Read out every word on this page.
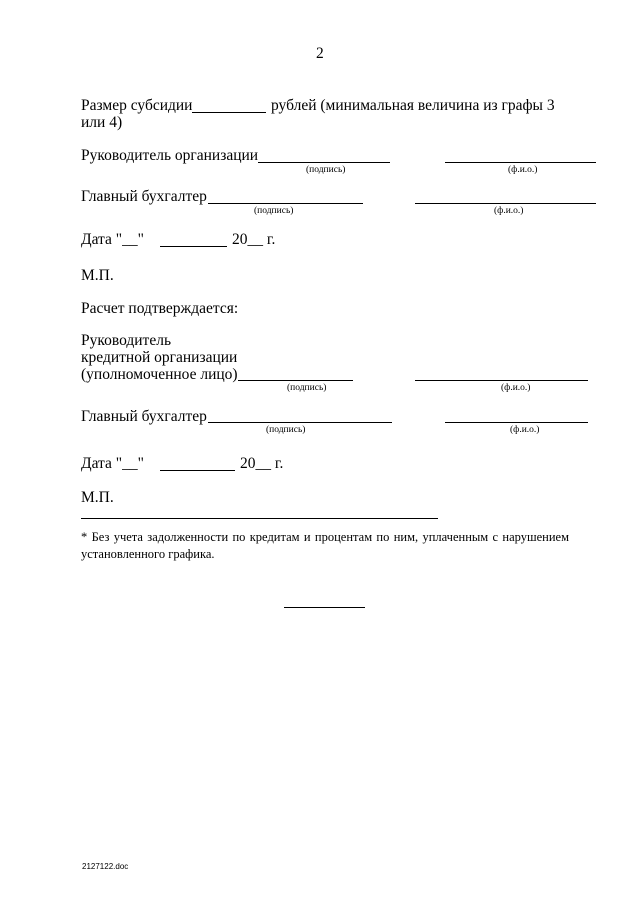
2
Размер субсидии	рублей (минимальная величина из графы 3
или 4)
Руководитель организации
(подпись)	(ф.и.о.)
Главный бухгалтер
(подпись)	(ф.и.о.)
Дата "__"	20__ г.
М.П.
Расчет подтверждается:
Руководитель
кредитной организации
(уполномоченное лицо)
(подпись)	(ф.и.о.)
Главный бухгалтер
(подпись)	(ф.и.о.)
Дата "__"	20__ г.
М.П.
* Без учета задолженности по кредитам и процентам по ним, уплаченным с нарушением установленного графика.
2127122.doc
